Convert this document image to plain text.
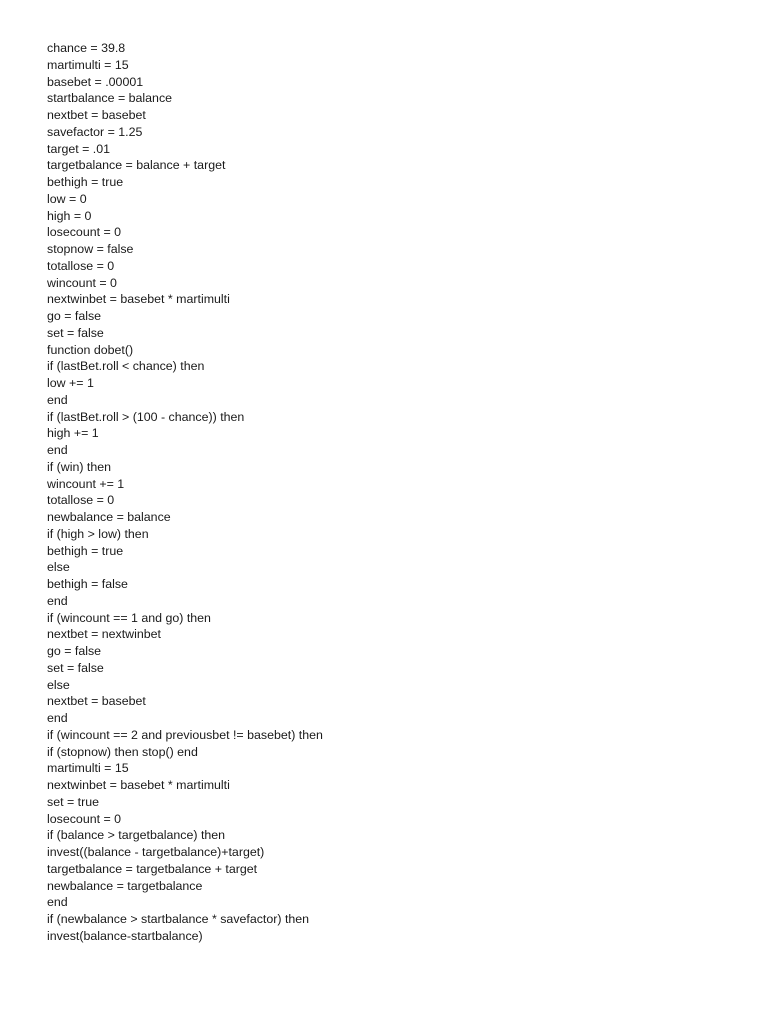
chance = 39.8
martimulti = 15
basebet = .00001
startbalance = balance
nextbet = basebet
savefactor = 1.25
target = .01
targetbalance = balance + target
bethigh = true
low = 0
high = 0
losecount = 0
stopnow = false
totallose = 0
wincount = 0
nextwinbet = basebet * martimulti
go = false
set = false
function dobet()
if (lastBet.roll < chance) then
low += 1
end
if (lastBet.roll > (100 - chance)) then
high += 1
end
if (win) then
wincount += 1
totallose = 0
newbalance = balance
if (high > low) then
bethigh = true
else
bethigh = false
end
if (wincount == 1 and go) then
nextbet = nextwinbet
go = false
set = false
else
nextbet = basebet
end
if (wincount == 2 and previousbet != basebet) then
if (stopnow) then stop() end
martimulti = 15
nextwinbet = basebet * martimulti
set = true
losecount = 0
if (balance > targetbalance) then
invest((balance - targetbalance)+target)
targetbalance = targetbalance + target
newbalance = targetbalance
end
if (newbalance > startbalance * savefactor) then
invest(balance-startbalance)
